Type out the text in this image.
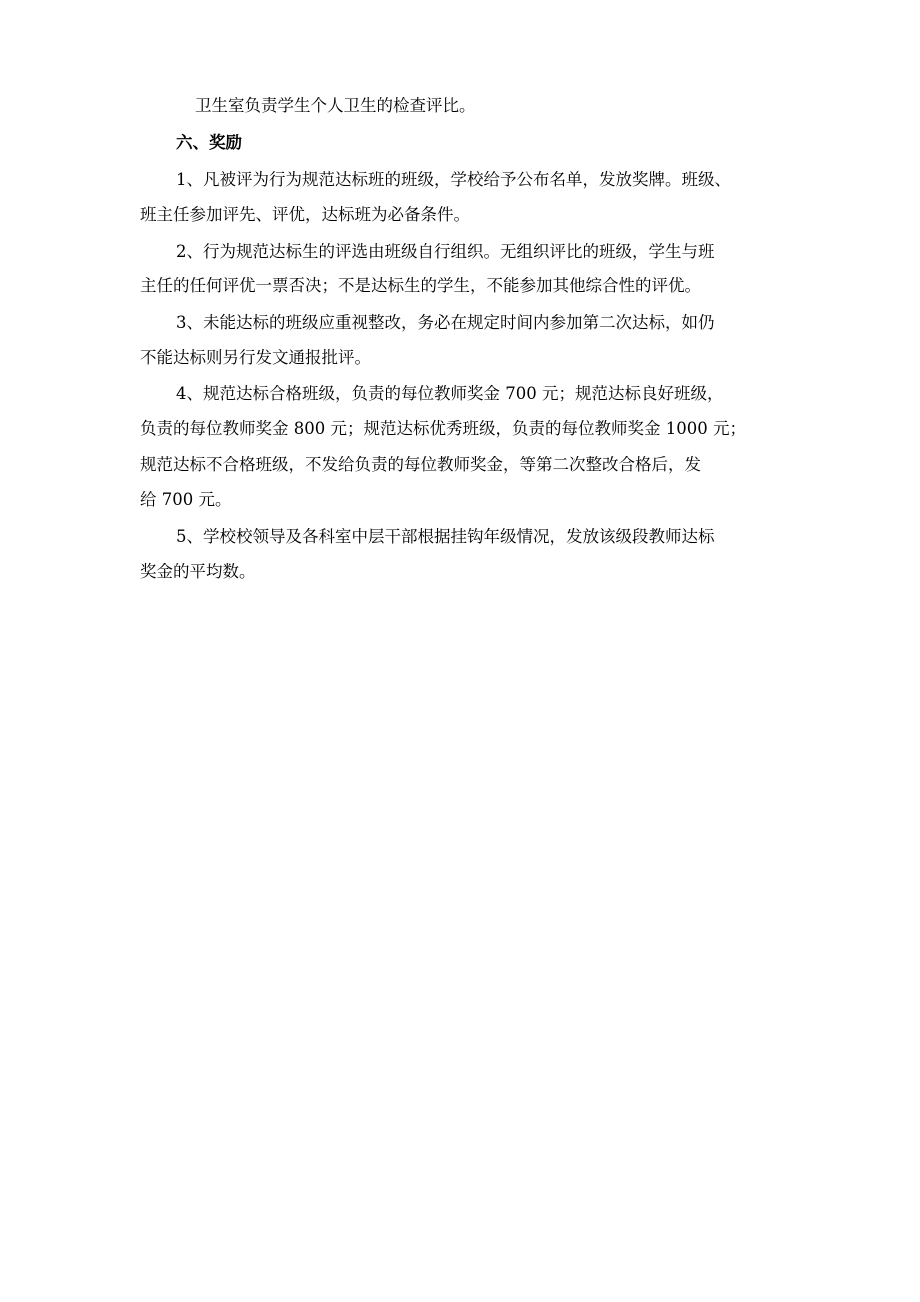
卫生室负责学生个人卫生的检查评比。
六、奖励
1、凡被评为行为规范达标班的班级，学校给予公布名单，发放奖牌。班级、
班主任参加评先、评优，达标班为必备条件。
2、行为规范达标生的评选由班级自行组织。无组织评比的班级，学生与班
主任的任何评优一票否决；不是达标生的学生，不能参加其他综合性的评优。
3、未能达标的班级应重视整改，务必在规定时间内参加第二次达标，如仍
不能达标则另行发文通报批评。
4、规范达标合格班级，负责的每位教师奖金 700 元；规范达标良好班级，
负责的每位教师奖金 800 元；规范达标优秀班级，负责的每位教师奖金 1000 元；
规范达标不合格班级，不发给负责的每位教师奖金，等第二次整改合格后，发
给 700 元。
5、学校校领导及各科室中层干部根据挂钩年级情况，发放该级段教师达标
奖金的平均数。
